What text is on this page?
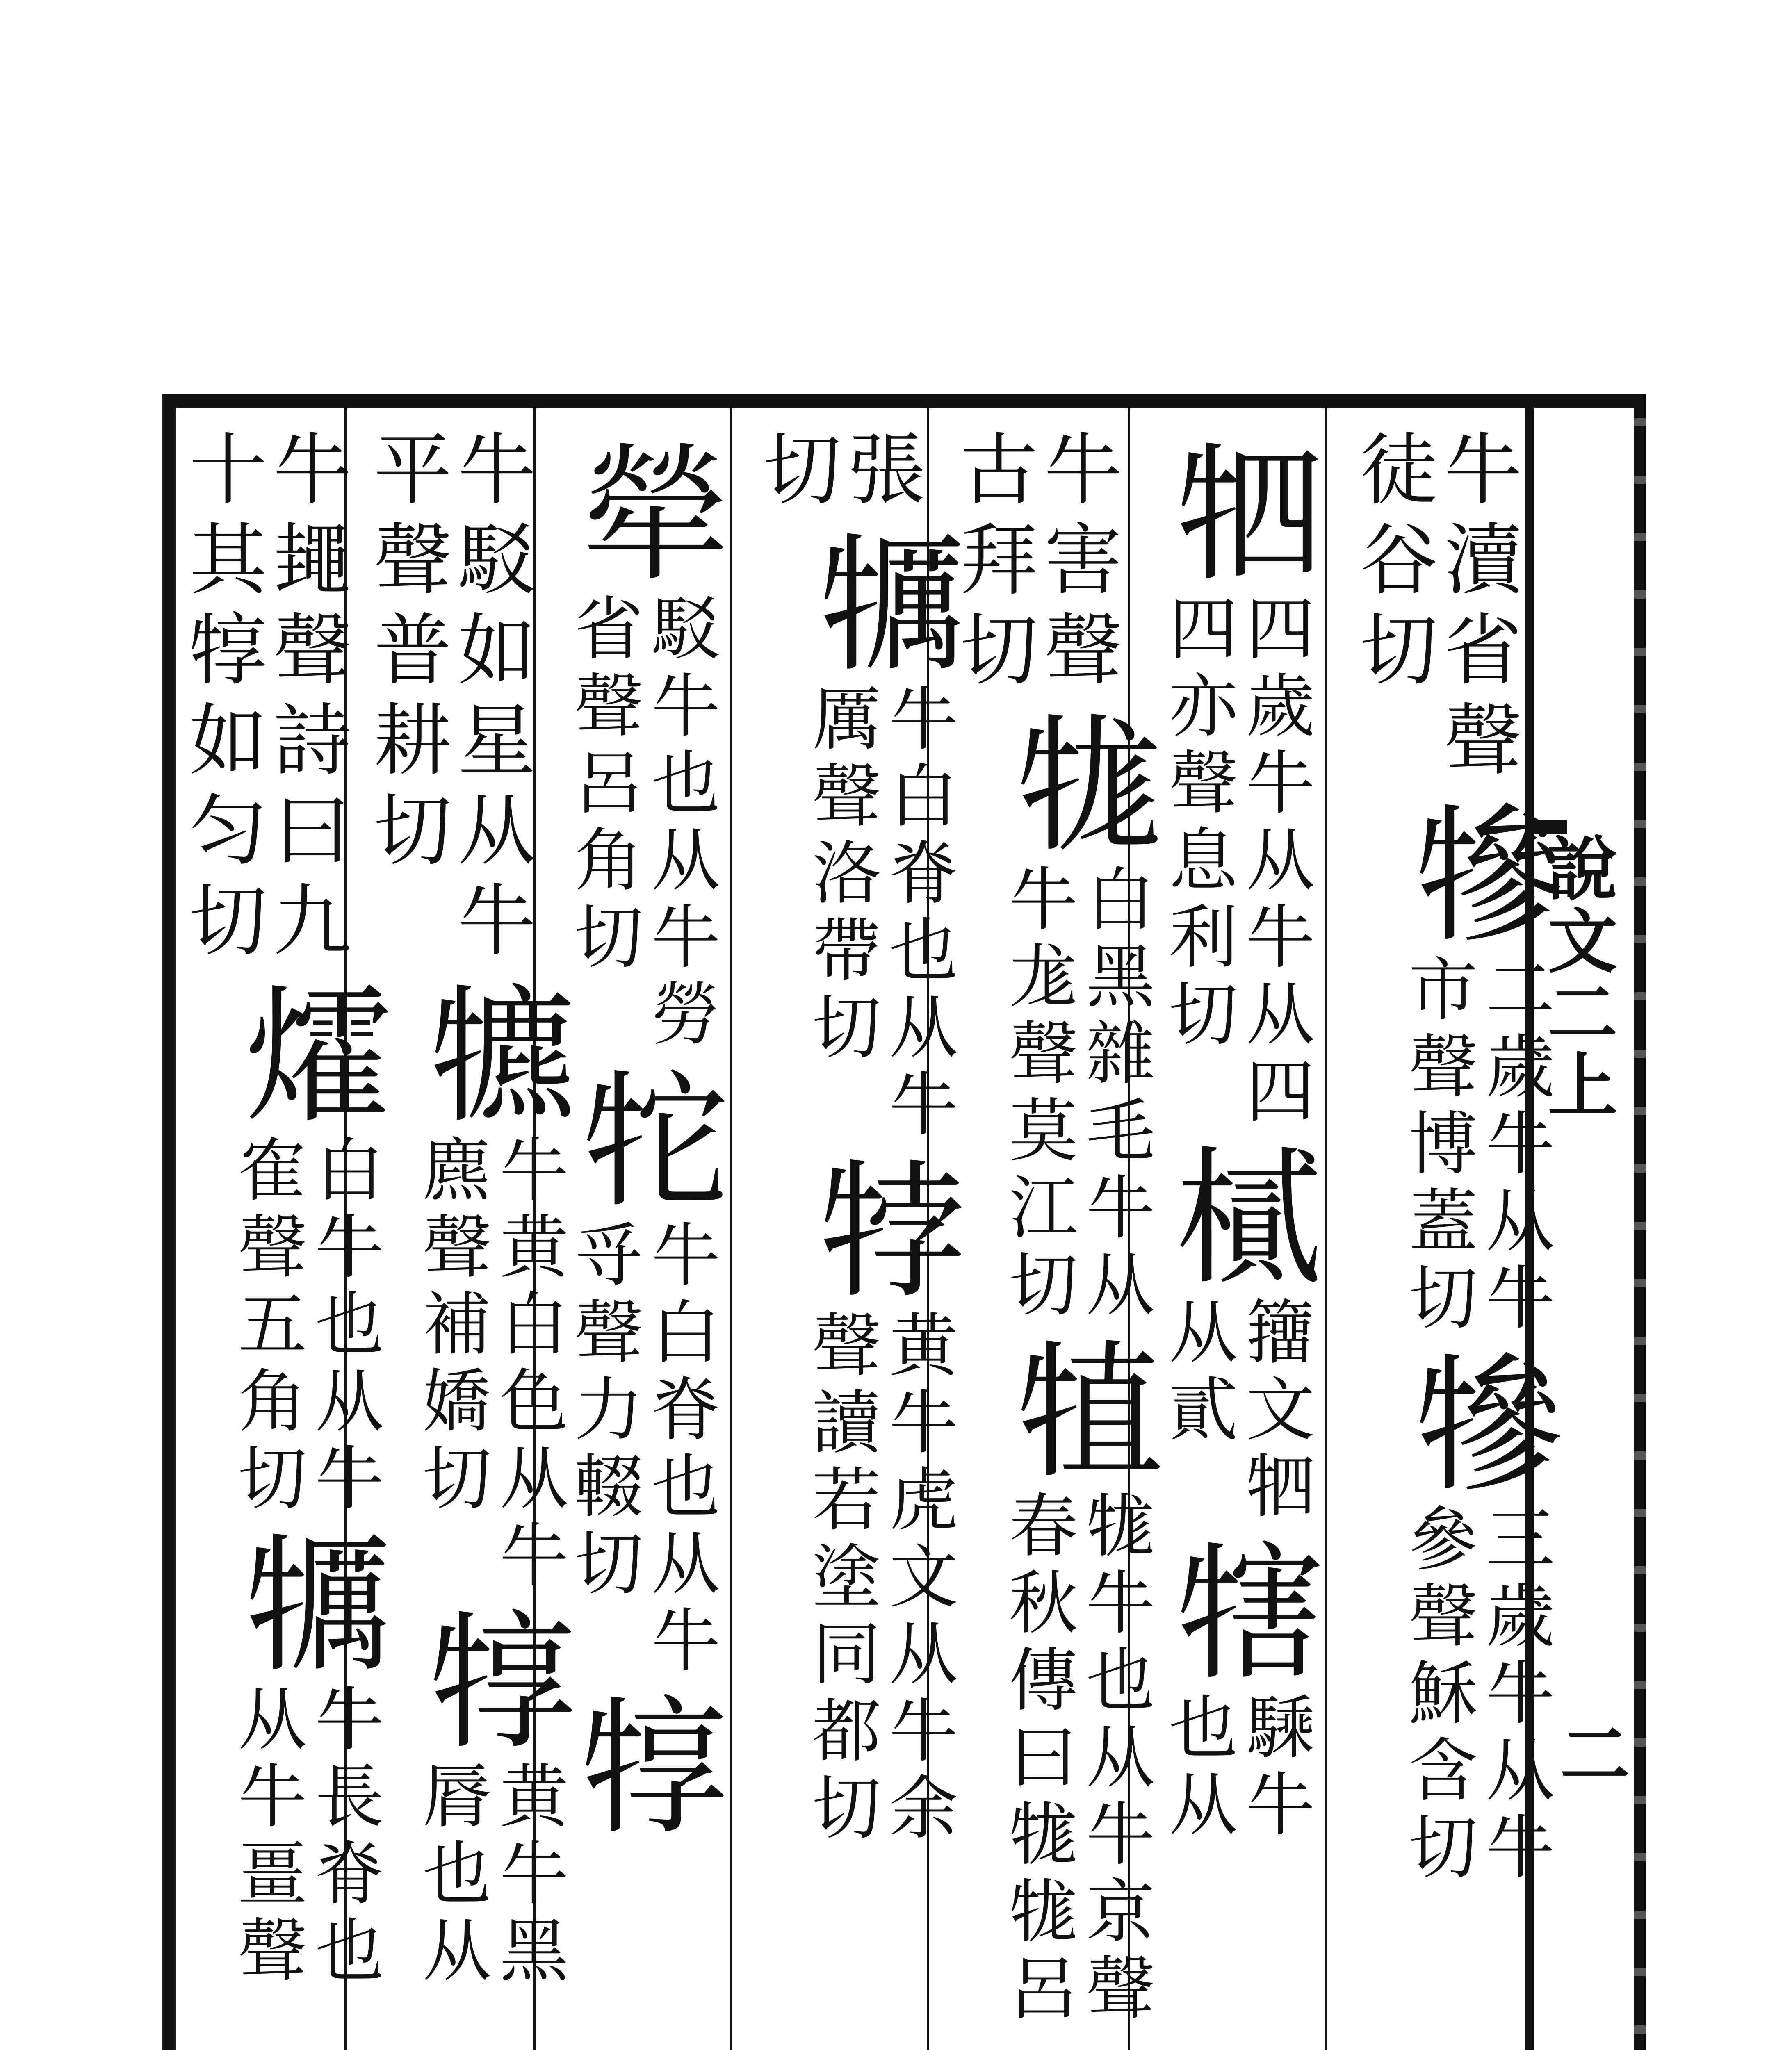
說文二上
二
牛瀆省聲
犙
二歲牛从牛
市聲博蓋切
犙
三歲牛从牛
參聲穌含切
徒谷切
牭
四歲牛从牛从四
四亦聲息利切
樲
籒文牭
从貳
犗
騬牛
也从
牛害聲
牻
白黑雜毛牛从
牛尨聲莫江切
犆
牻牛也从牛京聲
春秋傳曰牻牻呂
古拜切
張
犡
牛白脊也从牛
厲聲洛帶切
㹀
黄牛虎文从牛余
聲讀若塗同都切
切
犖
駁牛也从牛勞
省聲呂角切
㸰
牛白脊也从牛
寽聲力輟切
犉
牛駁如星从牛
犥
牛黄白色从牛
麃聲補嬌切
犉
黄牛黑
脣也从
平聲普耕切
牛䵷聲詩曰九
㸌
白牛也从牛
隺聲五角切
犡
牛長脊也
从牛畺聲
十其犉如匀切
